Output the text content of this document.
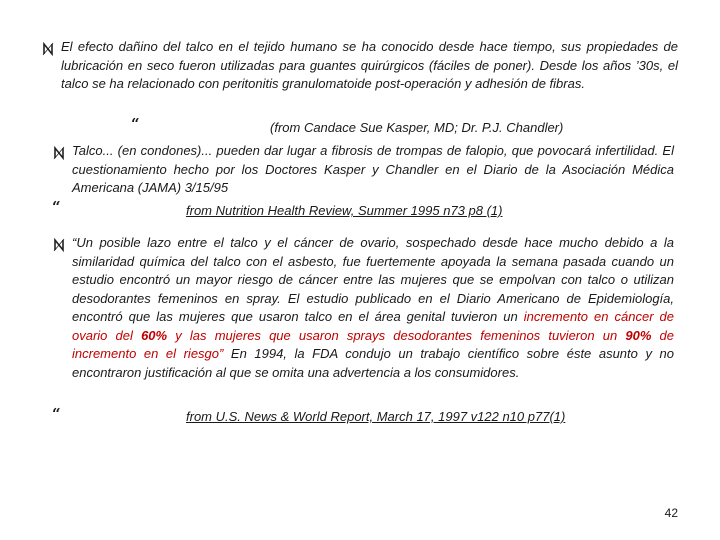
El efecto dañino del talco en el tejido humano se ha conocido desde hace tiempo, sus propiedades de lubricación en seco fueron utilizadas para guantes quirúrgicos (fáciles de poner). Desde los años ’30s, el talco se ha relacionado con peritonitis granulomatoide post-operación y adhesión de fibras.
“	(from Candace Sue Kasper, MD; Dr. P.J. Chandler)
Talco... (en condones)... pueden dar lugar a fibrosis de trompas de falopio, que povocará infertilidad. El cuestionamiento hecho por los Doctores Kasper y Chandler en el Diario de la Asociación Médica Americana (JAMA) 3/15/95
“	from Nutrition Health Review, Summer 1995 n73 p8 (1)
“Un posible lazo entre el talco y el cáncer de ovario, sospechado desde hace mucho debido a la similaridad química del talco con el asbesto, fue fuertemente apoyada la semana pasada cuando un estudio encontró un mayor riesgo de cáncer entre las mujeres que se empolvan con talco o utilizan desodorantes femeninos en spray. El estudio publicado en el Diario Americano de Epidemiología, encontró que las mujeres que usaron talco en el área genital tuvieron un incremento en cáncer de ovario del 60% y las mujeres que usaron sprays desodorantes femeninos tuvieron un 90% de incremento en el riesgo” En 1994, la FDA condujo un trabajo científico sobre éste asunto y no encontraron justificación al que se omita una advertencia a los consumidores.
“	from U.S. News & World Report, March 17, 1997 v122 n10 p77(1)
42
